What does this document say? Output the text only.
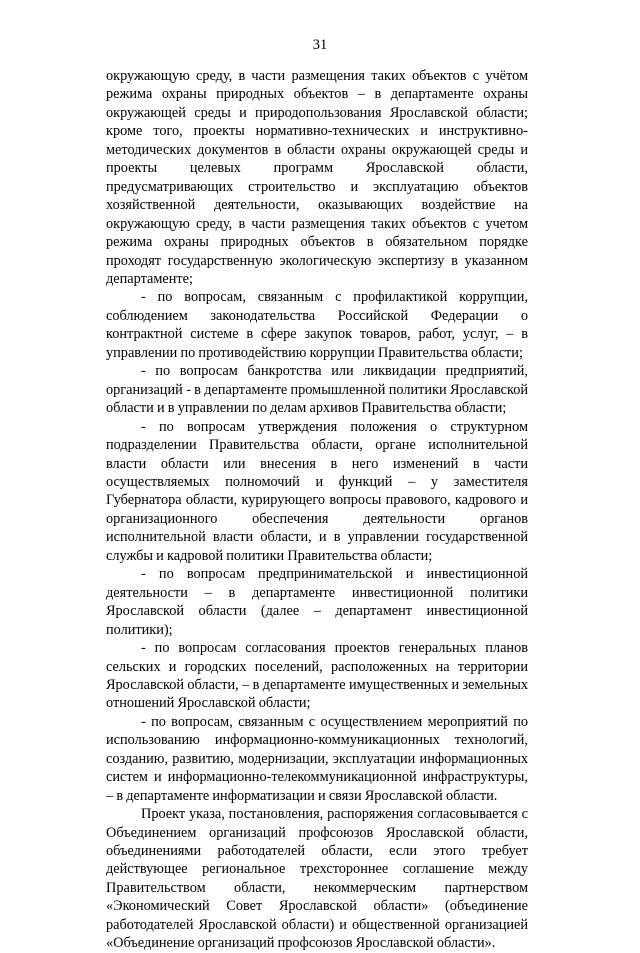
31

окружающую среду, в части размещения таких объектов с учётом режима охраны природных объектов – в департаменте охраны окружающей среды и природопользования Ярославской области; кроме того, проекты нормативно-технических и инструктивно-методических документов в области охраны окружающей среды и проекты целевых программ Ярославской области, предусматривающих строительство и эксплуатацию объектов хозяйственной деятельности, оказывающих воздействие на окружающую среду, в части размещения таких объектов с учетом режима охраны природных объектов в обязательном порядке проходят государственную экологическую экспертизу в указанном департаменте;

- по вопросам, связанным с профилактикой коррупции, соблюдением законодательства Российской Федерации о контрактной системе в сфере закупок товаров, работ, услуг, – в управлении по противодействию коррупции Правительства области;

- по вопросам банкротства или ликвидации предприятий, организаций - в департаменте промышленной политики Ярославской области и в управлении по делам архивов Правительства области;

- по вопросам утверждения положения о структурном подразделении Правительства области, органе исполнительной власти области или внесения в него изменений в части осуществляемых полномочий и функций – у заместителя Губернатора области, курирующего вопросы правового, кадрового и организационного обеспечения деятельности органов исполнительной власти области, и в управлении государственной службы и кадровой политики Правительства области;

- по вопросам предпринимательской и инвестиционной деятельности – в департаменте инвестиционной политики Ярославской области (далее – департамент инвестиционной политики);

- по вопросам согласования проектов генеральных планов сельских и городских поселений, расположенных на территории Ярославской области, – в департаменте имущественных и земельных отношений Ярославской области;

- по вопросам, связанным с осуществлением мероприятий по использованию информационно-коммуникационных технологий, созданию, развитию, модернизации, эксплуатации информационных систем и информационно-телекоммуникационной инфраструктуры, – в департаменте информатизации и связи Ярославской области.

Проект указа, постановления, распоряжения согласовывается с Объединением организаций профсоюзов Ярославской области, объединениями работодателей области, если этого требует действующее региональное трехстороннее соглашение между Правительством области, некоммерческим партнерством «Экономический Совет Ярославской области» (объединение работодателей Ярославской области) и общественной организацией «Объединение организаций профсоюзов Ярославской области».
